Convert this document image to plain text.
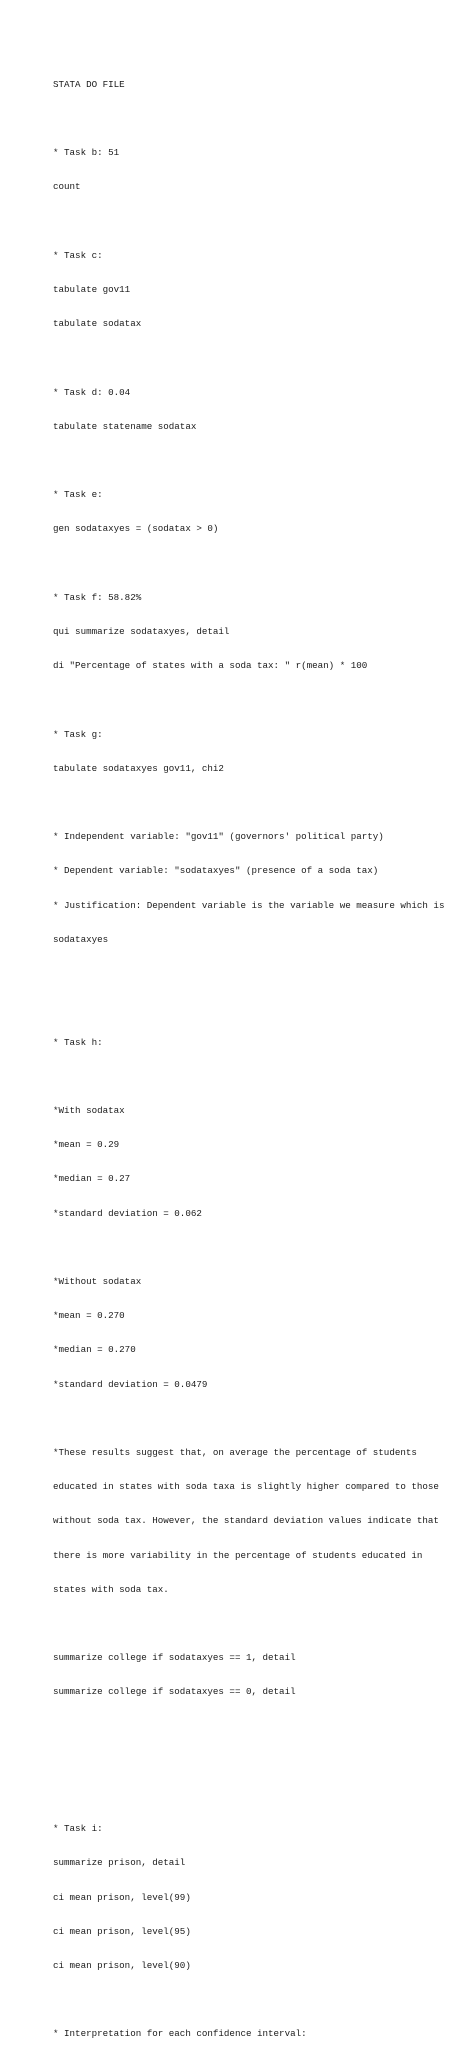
STATA DO FILE

* Task b: 51

count

* Task c:

tabulate gov11

tabulate sodatax

* Task d: 0.04

tabulate statename sodatax

* Task e:

gen sodataxyes = (sodatax > 0)

* Task f: 58.82%

qui summarize sodataxyes, detail

di "Percentage of states with a soda tax: " r(mean) * 100

* Task g:

tabulate sodataxyes gov11, chi2

* Independent variable: "gov11" (governors' political party)

* Dependent variable: "sodataxyes" (presence of a soda tax)

* Justification: Dependent variable is the variable we measure which is

sodataxyes

* Task h:

*With sodatax

*mean = 0.29

*median = 0.27

*standard deviation = 0.062

*Without sodatax

*mean = 0.270

*median = 0.270

*standard deviation = 0.0479

*These results suggest that, on average the percentage of students

educated in states with soda taxa is slightly higher compared to those

without soda tax. However, the standard deviation values indicate that

there is more variability in the percentage of students educated in

states with soda tax.

summarize college if sodataxyes == 1, detail

summarize college if sodataxyes == 0, detail

* Task i:

summarize prison, detail

ci mean prison, level(99)

ci mean prison, level(95)

ci mean prison, level(90)

* Interpretation for each confidence interval:
